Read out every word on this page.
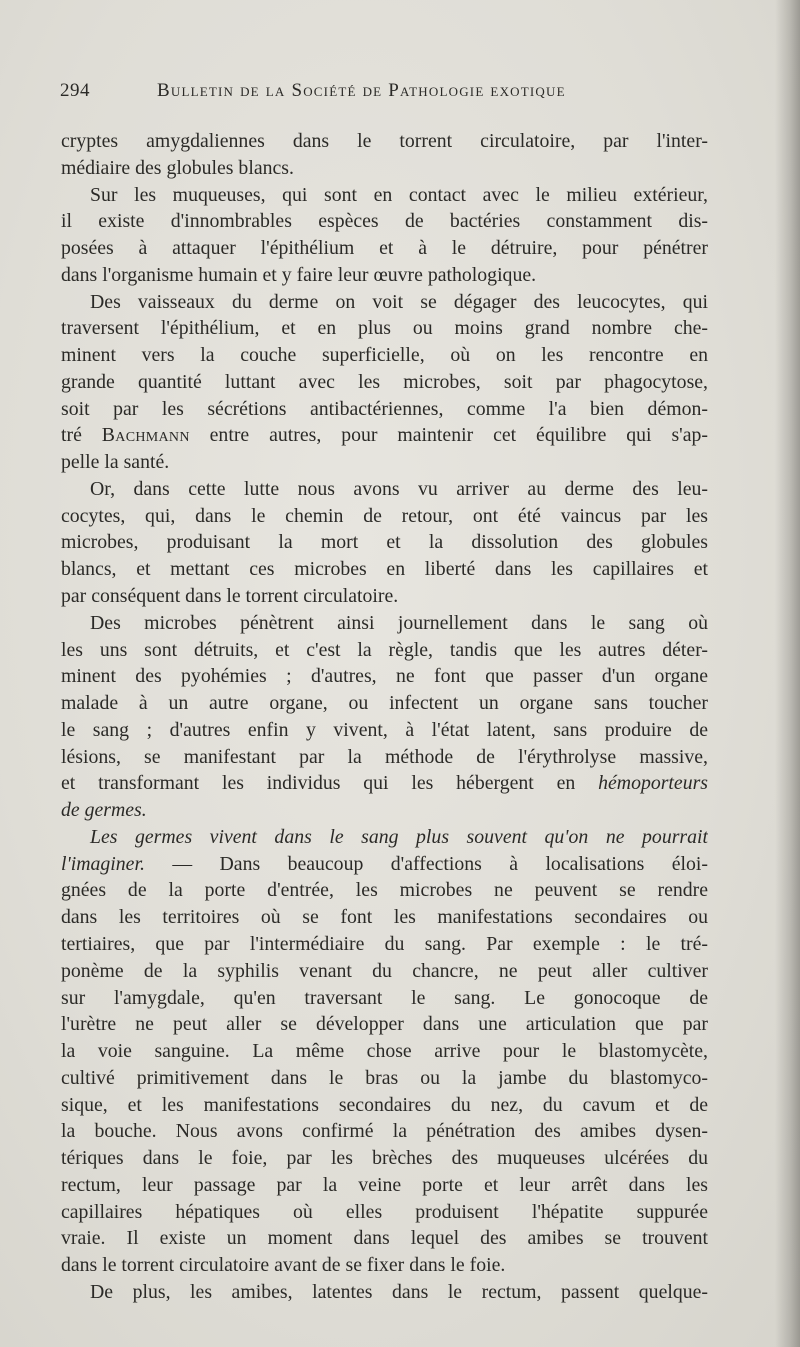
294	Bulletin de la Société de Pathologie exotique
cryptes amygdaliennes dans le torrent circulatoire, par l'inter-
médiaire des globules blancs.
Sur les muqueuses, qui sont en contact avec le milieu extérieur,
il existe d'innombrables espèces de bactéries constamment dis-
posées à attaquer l'épithélium et à le détruire, pour pénétrer
dans l'organisme humain et y faire leur œuvre pathologique.
Des vaisseaux du derme on voit se dégager des leucocytes, qui
traversent l'épithélium, et en plus ou moins grand nombre che-
minent vers la couche superficielle, où on les rencontre en
grande quantité luttant avec les microbes, soit par phagocytose,
soit par les sécrétions antibactériennes, comme l'a bien démon-
tré Bachmann entre autres, pour maintenir cet équilibre qui s'ap-
pelle la santé.
Or, dans cette lutte nous avons vu arriver au derme des leu-
cocytes, qui, dans le chemin de retour, ont été vaincus par les
microbes, produisant la mort et la dissolution des globules
blancs, et mettant ces microbes en liberté dans les capillaires et
par conséquent dans le torrent circulatoire.
Des microbes pénètrent ainsi journellement dans le sang où
les uns sont détruits, et c'est la règle, tandis que les autres déter-
minent des pyohémies ; d'autres, ne font que passer d'un organe
malade à un autre organe, ou infectent un organe sans toucher
le sang ; d'autres enfin y vivent, à l'état latent, sans produire de
lésions, se manifestant par la méthode de l'érythrolyse massive,
et transformant les individus qui les hébergent en hémoporteurs
de germes.
Les germes vivent dans le sang plus souvent qu'on ne pourrait
l'imaginer. — Dans beaucoup d'affections à localisations éloi-
gnées de la porte d'entrée, les microbes ne peuvent se rendre
dans les territoires où se font les manifestations secondaires ou
tertiaires, que par l'intermédiaire du sang. Par exemple : le tré-
ponème de la syphilis venant du chancre, ne peut aller cultiver
sur l'amygdale, qu'en traversant le sang. Le gonocoque de
l'urètre ne peut aller se développer dans une articulation que par
la voie sanguine. La même chose arrive pour le blastomycète,
cultivé primitivement dans le bras ou la jambe du blastomyco-
sique, et les manifestations secondaires du nez, du cavum et de
la bouche. Nous avons confirmé la pénétration des amibes dysen-
tériques dans le foie, par les brèches des muqueuses ulcérées du
rectum, leur passage par la veine porte et leur arrêt dans les
capillaires hépatiques où elles produisent l'hépatite suppurée
vraie. Il existe un moment dans lequel des amibes se trouvent
dans le torrent circulatoire avant de se fixer dans le foie.
De plus, les amibes, latentes dans le rectum, passent quelque-
